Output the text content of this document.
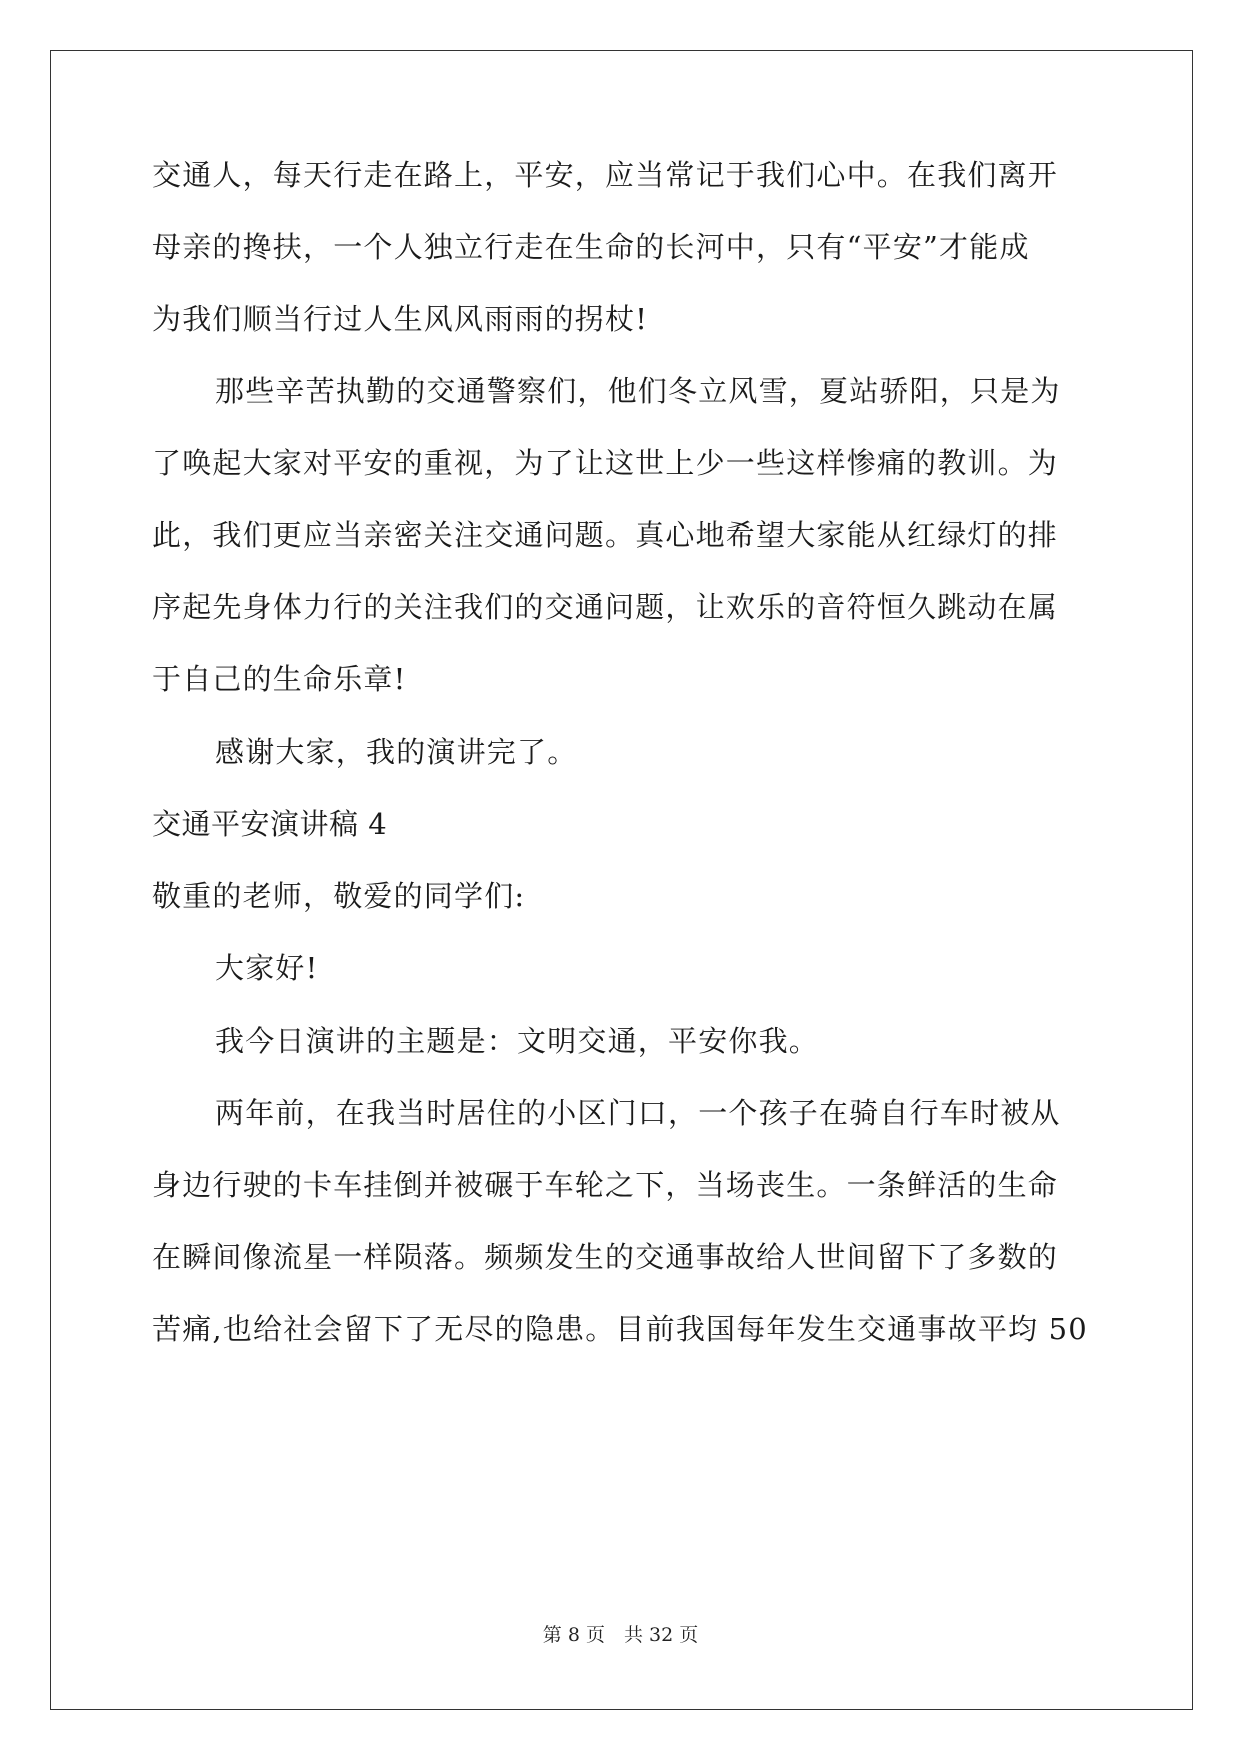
交通人，每天行走在路上，平安，应当常记于我们心中。在我们离开
母亲的搀扶，一个人独立行走在生命的长河中，只有“平安”才能成
为我们顺当行过人生风风雨雨的拐杖!
那些辛苦执勤的交通警察们，他们冬立风雪，夏站骄阳，只是为
了唤起大家对平安的重视，为了让这世上少一些这样惨痛的教训。为
此，我们更应当亲密关注交通问题。真心地希望大家能从红绿灯的排
序起先身体力行的关注我们的交通问题，让欢乐的音符恒久跳动在属
于自己的生命乐章!
感谢大家，我的演讲完了。
交通平安演讲稿 4
敬重的老师，敬爱的同学们:
大家好!
我今日演讲的主题是：文明交通，平安你我。
两年前，在我当时居住的小区门口，一个孩子在骑自行车时被从
身边行驶的卡车挂倒并被碾于车轮之下，当场丧生。一条鲜活的生命
在瞬间像流星一样陨落。频频发生的交通事故给人世间留下了多数的
苦痛,也给社会留下了无尽的隐患。目前我国每年发生交通事故平均 50
第 8 页　共 32 页
